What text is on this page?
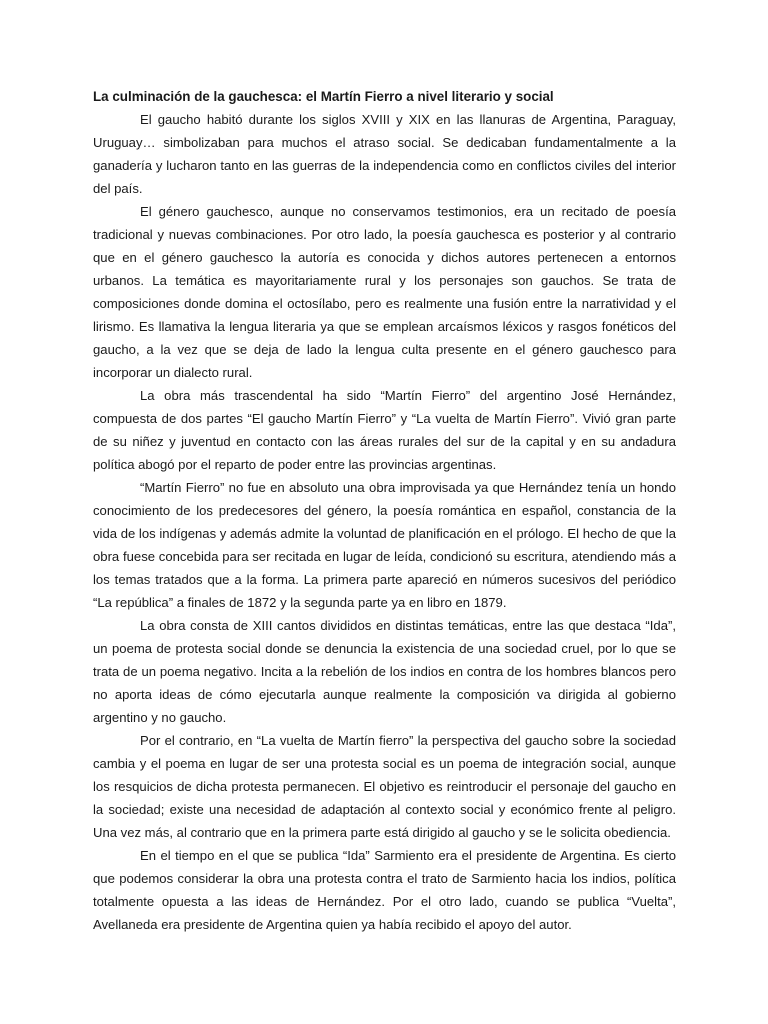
La culminación de la gauchesca: el Martín Fierro a nivel literario y social

El gaucho habitó durante los siglos XVIII y XIX en las llanuras de Argentina, Paraguay, Uruguay… simbolizaban para muchos el atraso social. Se dedicaban fundamentalmente a la ganadería y lucharon tanto en las guerras de la independencia como en conflictos civiles del interior del país.

El género gauchesco, aunque no conservamos testimonios, era un recitado de poesía tradicional y nuevas combinaciones. Por otro lado, la poesía gauchesca es posterior y al contrario que en el género gauchesco la autoría es conocida y dichos autores pertenecen a entornos urbanos. La temática es mayoritariamente rural y los personajes son gauchos. Se trata de composiciones donde domina el octosílabo, pero es realmente una fusión entre la narratividad y el lirismo. Es llamativa la lengua literaria ya que se emplean arcaísmos léxicos y rasgos fonéticos del gaucho, a la vez que se deja de lado la lengua culta presente en el género gauchesco para incorporar un dialecto rural.

La obra más trascendental ha sido “Martín Fierro” del argentino José Hernández, compuesta de dos partes “El gaucho Martín Fierro” y “La vuelta de Martín Fierro”. Vivió gran parte de su niñez y juventud en contacto con las áreas rurales del sur de la capital y en su andadura política abogó por el reparto de poder entre las provincias argentinas.

“Martín Fierro” no fue en absoluto una obra improvisada ya que Hernández tenía un hondo conocimiento de los predecesores del género, la poesía romántica en español, constancia de la vida de los indígenas y además admite la voluntad de planificación en el prólogo. El hecho de que la obra fuese concebida para ser recitada en lugar de leída, condicionó su escritura, atendiendo más a los temas tratados que a la forma. La primera parte apareció en números sucesivos del periódico “La república” a finales de 1872 y la segunda parte ya en libro en 1879.

La obra consta de XIII cantos divididos en distintas temáticas, entre las que destaca “Ida”, un poema de protesta social donde se denuncia la existencia de una sociedad cruel, por lo que se trata de un poema negativo. Incita a la rebelión de los indios en contra de los hombres blancos pero no aporta ideas de cómo ejecutarla aunque realmente la composición va dirigida al gobierno argentino y no gaucho.

Por el contrario, en “La vuelta de Martín fierro” la perspectiva del gaucho sobre la sociedad cambia y el poema en lugar de ser una protesta social es un poema de integración social, aunque los resquicios de dicha protesta permanecen. El objetivo es reintroducir el personaje del gaucho en la sociedad; existe una necesidad de adaptación al contexto social y económico frente al peligro. Una vez más, al contrario que en la primera parte está dirigido al gaucho y se le solicita obediencia.

En el tiempo en el que se publica “Ida” Sarmiento era el presidente de Argentina. Es cierto que podemos considerar la obra una protesta contra el trato de Sarmiento hacia los indios, política totalmente opuesta a las ideas de Hernández. Por el otro lado, cuando se publica “Vuelta”, Avellaneda era presidente de Argentina quien ya había recibido el apoyo del autor.
